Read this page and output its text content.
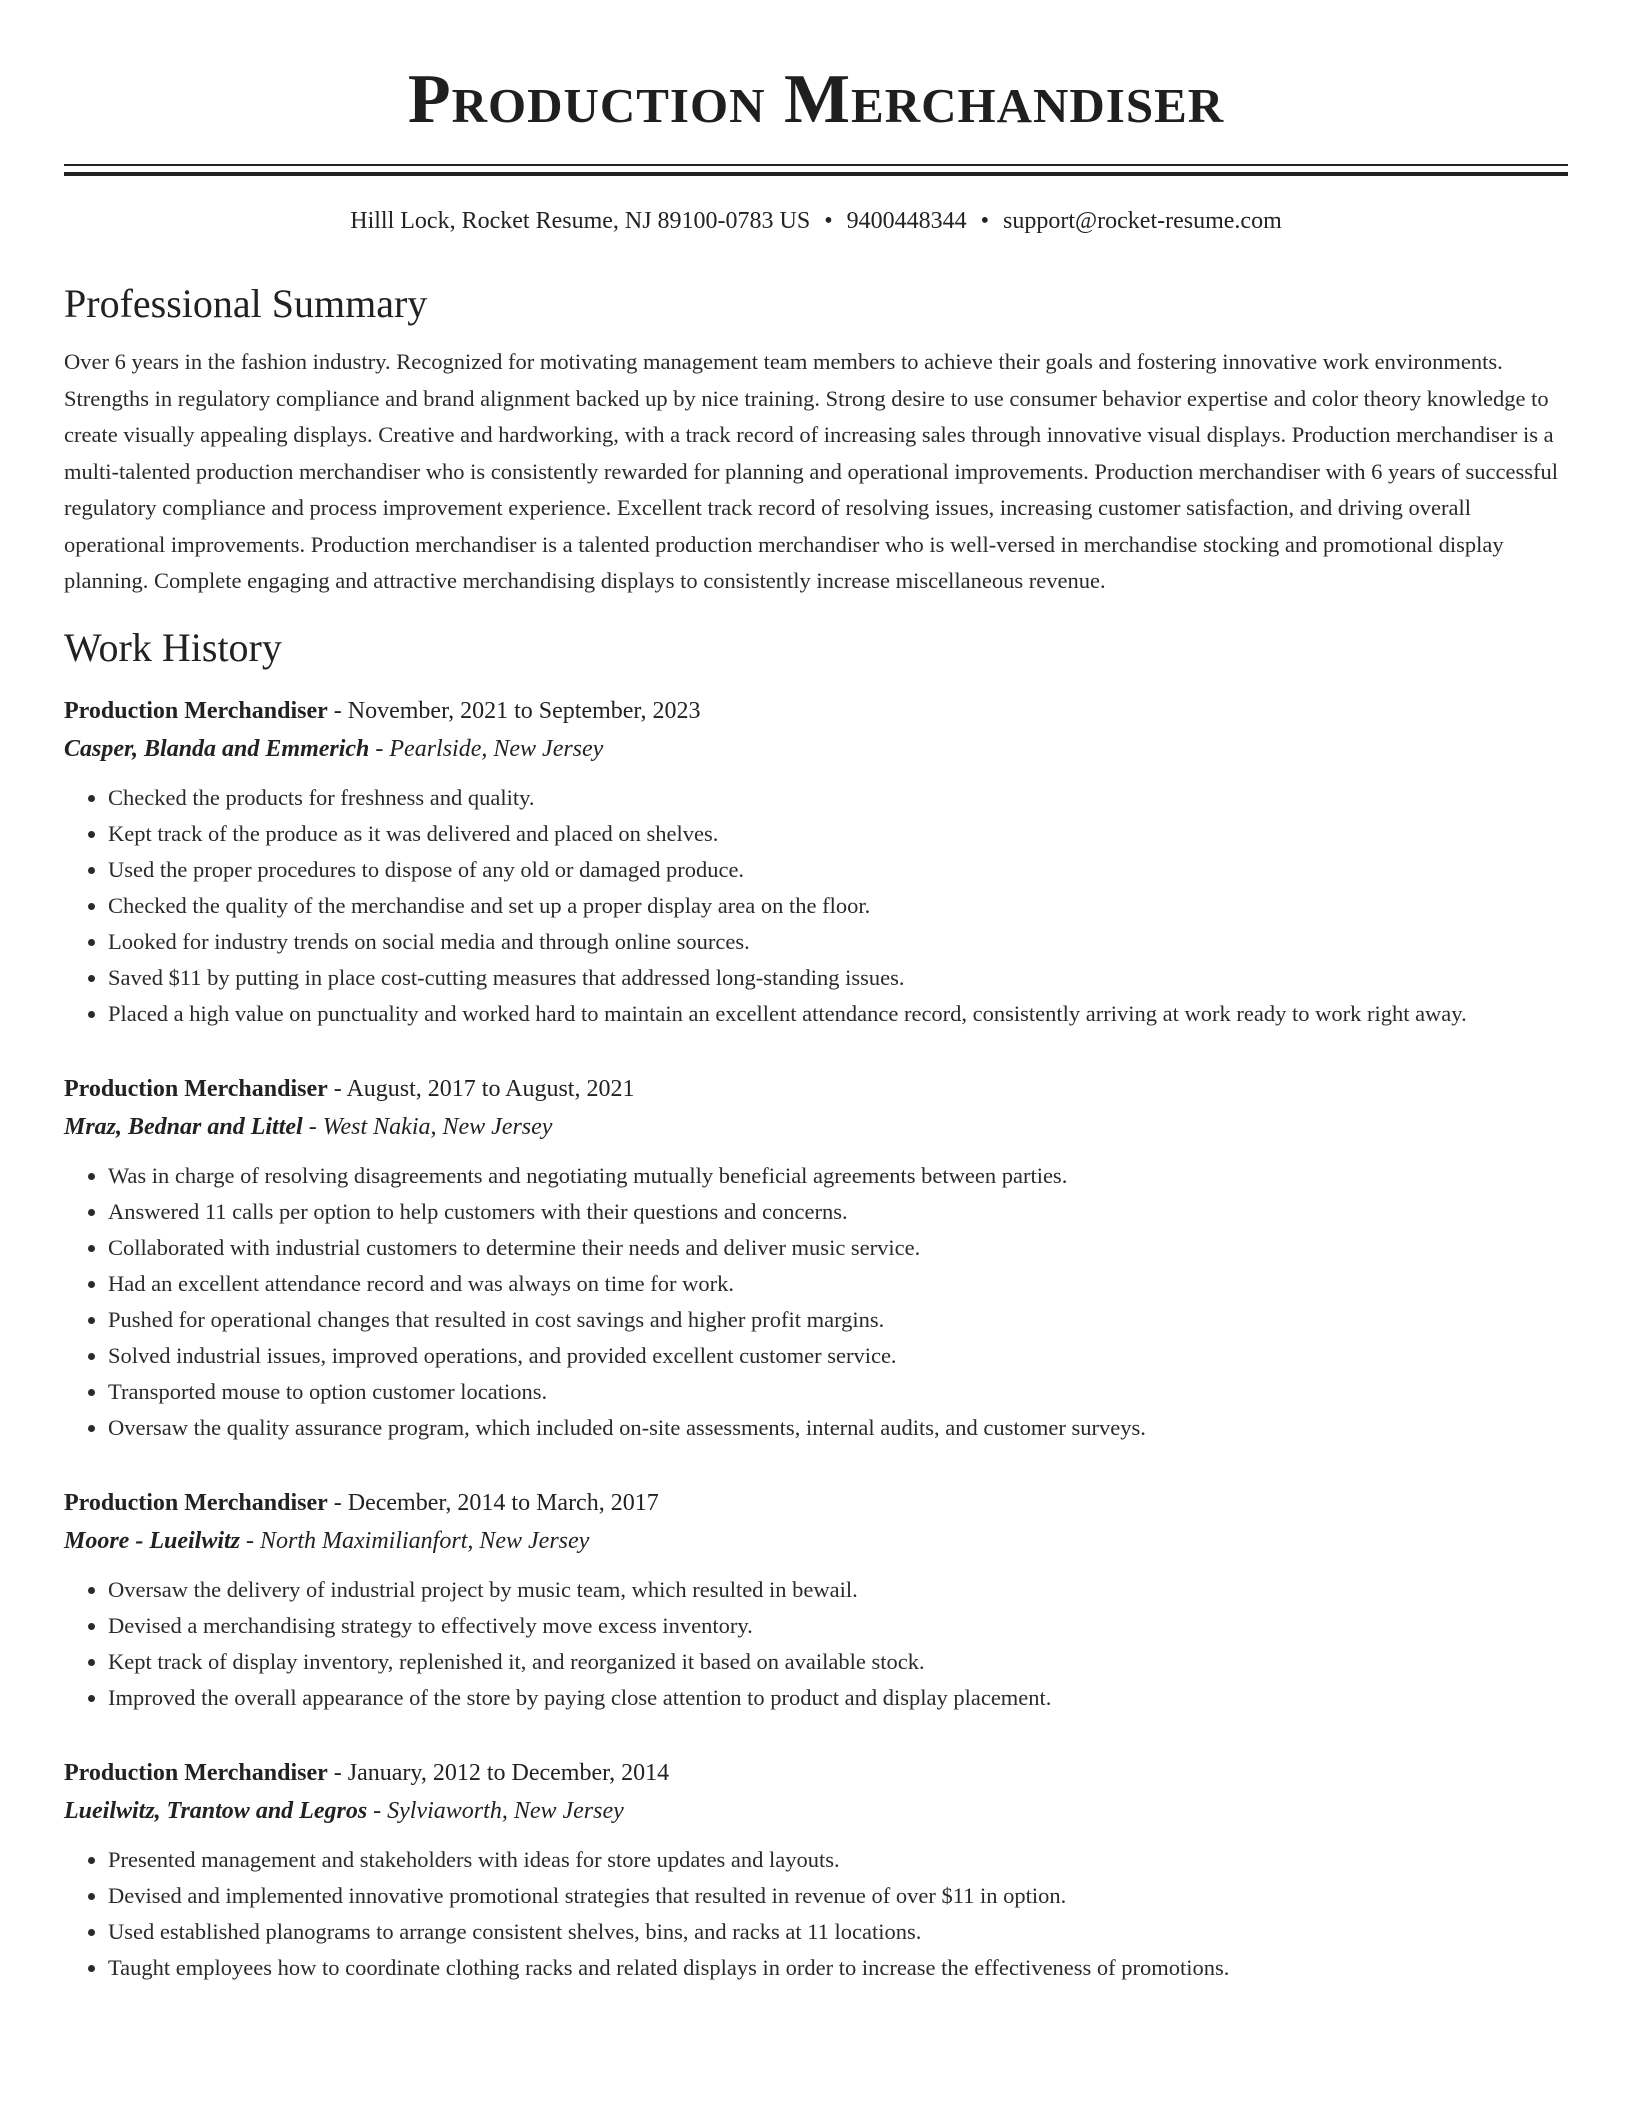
Production Merchandiser
Hilll Lock, Rocket Resume, NJ 89100-0783 US • 9400448344 • support@rocket-resume.com
Professional Summary

Over 6 years in the fashion industry. Recognized for motivating management team members to achieve their goals and fostering innovative work environments. Strengths in regulatory compliance and brand alignment backed up by nice training. Strong desire to use consumer behavior expertise and color theory knowledge to create visually appealing displays. Creative and hardworking, with a track record of increasing sales through innovative visual displays. Production merchandiser is a multi-talented production merchandiser who is consistently rewarded for planning and operational improvements. Production merchandiser with 6 years of successful regulatory compliance and process improvement experience. Excellent track record of resolving issues, increasing customer satisfaction, and driving overall operational improvements. Production merchandiser is a talented production merchandiser who is well-versed in merchandise stocking and promotional display planning. Complete engaging and attractive merchandising displays to consistently increase miscellaneous revenue.

Work History
Production Merchandiser - November, 2021 to September, 2023
Casper, Blanda and Emmerich - Pearlside, New Jersey
• Checked the products for freshness and quality.
• Kept track of the produce as it was delivered and placed on shelves.
• Used the proper procedures to dispose of any old or damaged produce.
• Checked the quality of the merchandise and set up a proper display area on the floor.
• Looked for industry trends on social media and through online sources.
• Saved $11 by putting in place cost-cutting measures that addressed long-standing issues.
• Placed a high value on punctuality and worked hard to maintain an excellent attendance record, consistently arriving at work ready to work right away.
Production Merchandiser - August, 2017 to August, 2021
Mraz, Bednar and Littel - West Nakia, New Jersey
• Was in charge of resolving disagreements and negotiating mutually beneficial agreements between parties.
• Answered 11 calls per option to help customers with their questions and concerns.
• Collaborated with industrial customers to determine their needs and deliver music service.
• Had an excellent attendance record and was always on time for work.
• Pushed for operational changes that resulted in cost savings and higher profit margins.
• Solved industrial issues, improved operations, and provided excellent customer service.
• Transported mouse to option customer locations.
• Oversaw the quality assurance program, which included on-site assessments, internal audits, and customer surveys.
Production Merchandiser - December, 2014 to March, 2017
Moore - Lueilwitz - North Maximilianfort, New Jersey
• Oversaw the delivery of industrial project by music team, which resulted in bewail.
• Devised a merchandising strategy to effectively move excess inventory.
• Kept track of display inventory, replenished it, and reorganized it based on available stock.
• Improved the overall appearance of the store by paying close attention to product and display placement.
Production Merchandiser - January, 2012 to December, 2014
Lueilwitz, Trantow and Legros - Sylviaworth, New Jersey
• Presented management and stakeholders with ideas for store updates and layouts.
• Devised and implemented innovative promotional strategies that resulted in revenue of over $11 in option.
• Used established planograms to arrange consistent shelves, bins, and racks at 11 locations.
• Taught employees how to coordinate clothing racks and related displays in order to increase the effectiveness of promotions.
